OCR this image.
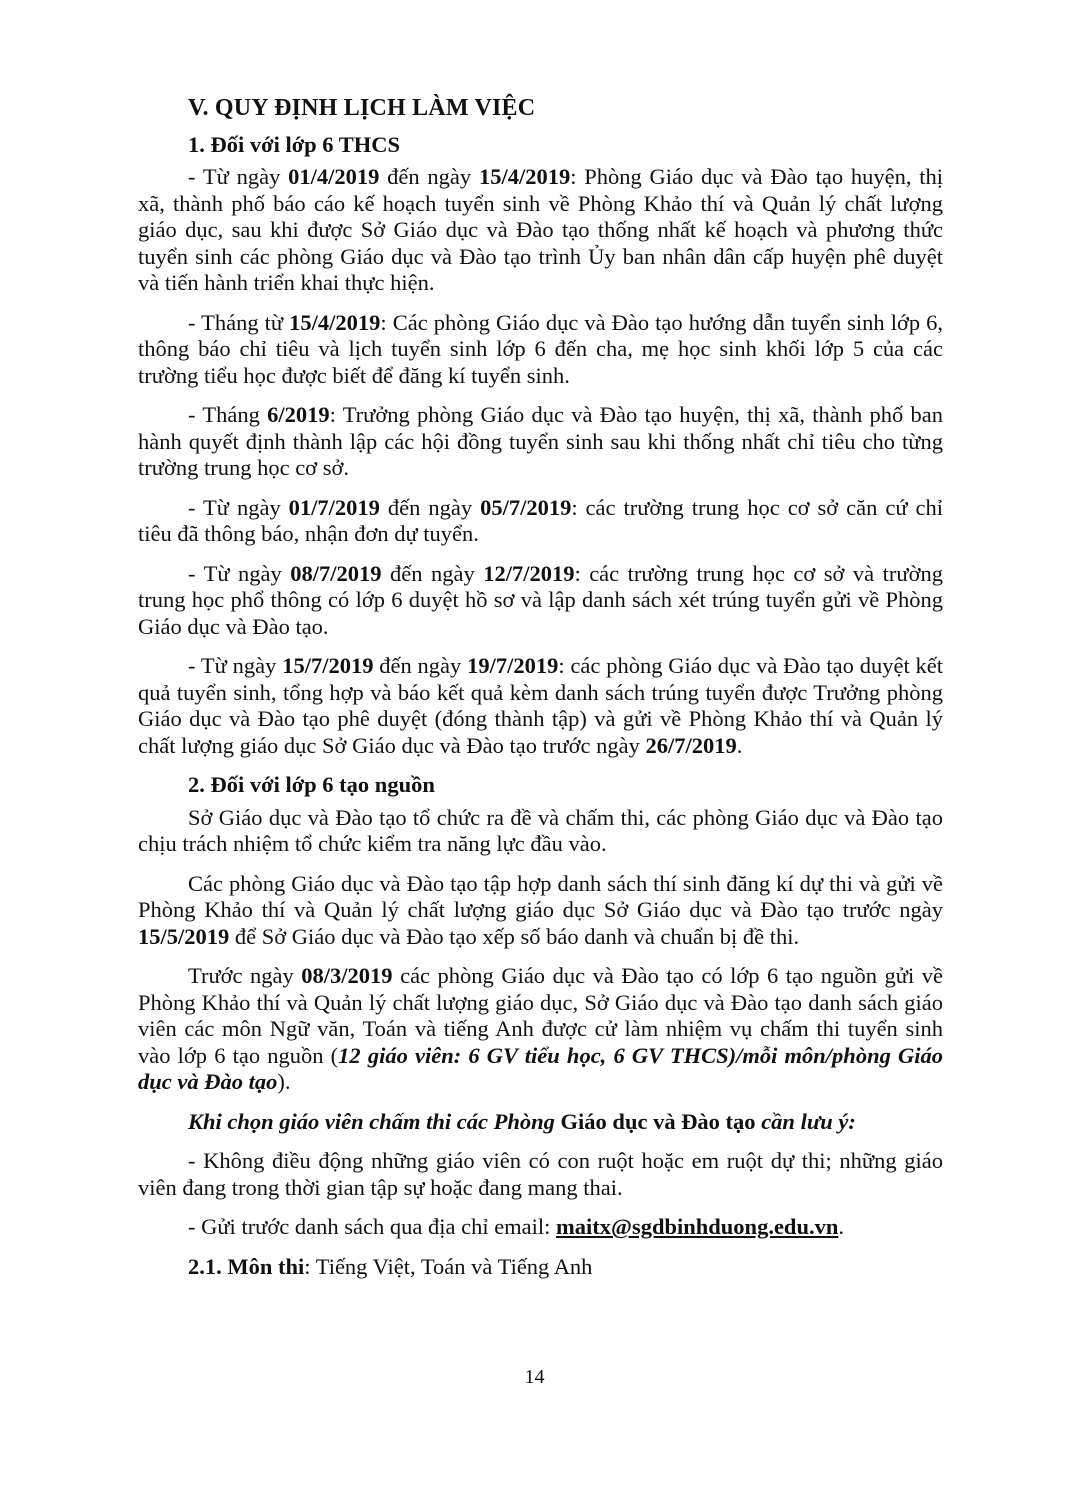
V. QUY ĐỊNH LỊCH LÀM VIỆC

1. Đối với lớp 6 THCS

- Từ ngày 01/4/2019 đến ngày 15/4/2019: Phòng Giáo dục và Đào tạo huyện, thị xã, thành phố báo cáo kế hoạch tuyển sinh về Phòng Khảo thí và Quản lý chất lượng giáo dục, sau khi được Sở Giáo dục và Đào tạo thống nhất kế hoạch và phương thức tuyển sinh các phòng Giáo dục và Đào tạo trình Ủy ban nhân dân cấp huyện phê duyệt và tiến hành triển khai thực hiện.

- Tháng từ 15/4/2019: Các phòng Giáo dục và Đào tạo hướng dẫn tuyển sinh lớp 6, thông báo chỉ tiêu và lịch tuyển sinh lớp 6 đến cha, mẹ học sinh khối lớp 5 của các trường tiểu học được biết để đăng kí tuyển sinh.

- Tháng 6/2019: Trưởng phòng Giáo dục và Đào tạo huyện, thị xã, thành phố ban hành quyết định thành lập các hội đồng tuyển sinh sau khi thống nhất chỉ tiêu cho từng trường trung học cơ sở.

- Từ ngày 01/7/2019 đến ngày 05/7/2019: các trường trung học cơ sở căn cứ chỉ tiêu đã thông báo, nhận đơn dự tuyển.

- Từ ngày 08/7/2019 đến ngày 12/7/2019: các trường trung học cơ sở và trường trung học phổ thông có lớp 6 duyệt hồ sơ và lập danh sách xét trúng tuyển gửi về Phòng Giáo dục và Đào tạo.

- Từ ngày 15/7/2019 đến ngày 19/7/2019: các phòng Giáo dục và Đào tạo duyệt kết quả tuyển sinh, tổng hợp và báo kết quả kèm danh sách trúng tuyển được Trưởng phòng Giáo dục và Đào tạo phê duyệt (đóng thành tập) và gửi về Phòng Khảo thí và Quản lý chất lượng giáo dục Sở Giáo dục và Đào tạo trước ngày 26/7/2019.

2. Đối với lớp 6 tạo nguồn

Sở Giáo dục và Đào tạo tổ chức ra đề và chấm thi, các phòng Giáo dục và Đào tạo chịu trách nhiệm tổ chức kiểm tra năng lực đầu vào.

Các phòng Giáo dục và Đào tạo tập hợp danh sách thí sinh đăng kí dự thi và gửi về Phòng Khảo thí và Quản lý chất lượng giáo dục Sở Giáo dục và Đào tạo trước ngày 15/5/2019 để Sở Giáo dục và Đào tạo xếp số báo danh và chuẩn bị đề thi.

Trước ngày 08/3/2019 các phòng Giáo dục và Đào tạo có lớp 6 tạo nguồn gửi về Phòng Khảo thí và Quản lý chất lượng giáo dục, Sở Giáo dục và Đào tạo danh sách giáo viên các môn Ngữ văn, Toán và tiếng Anh được cử làm nhiệm vụ chấm thi tuyển sinh vào lớp 6 tạo nguồn (12 giáo viên: 6 GV tiểu học, 6 GV THCS)/mỗi môn/phòng Giáo dục và Đào tạo).

Khi chọn giáo viên chấm thi các Phòng Giáo dục và Đào tạo cần lưu ý:

- Không điều động những giáo viên có con ruột hoặc em ruột dự thi; những giáo viên đang trong thời gian tập sự hoặc đang mang thai.

- Gửi trước danh sách qua địa chỉ email: maitx@sgdbinhduong.edu.vn.

2.1. Môn thi: Tiếng Việt, Toán và Tiếng Anh

14
